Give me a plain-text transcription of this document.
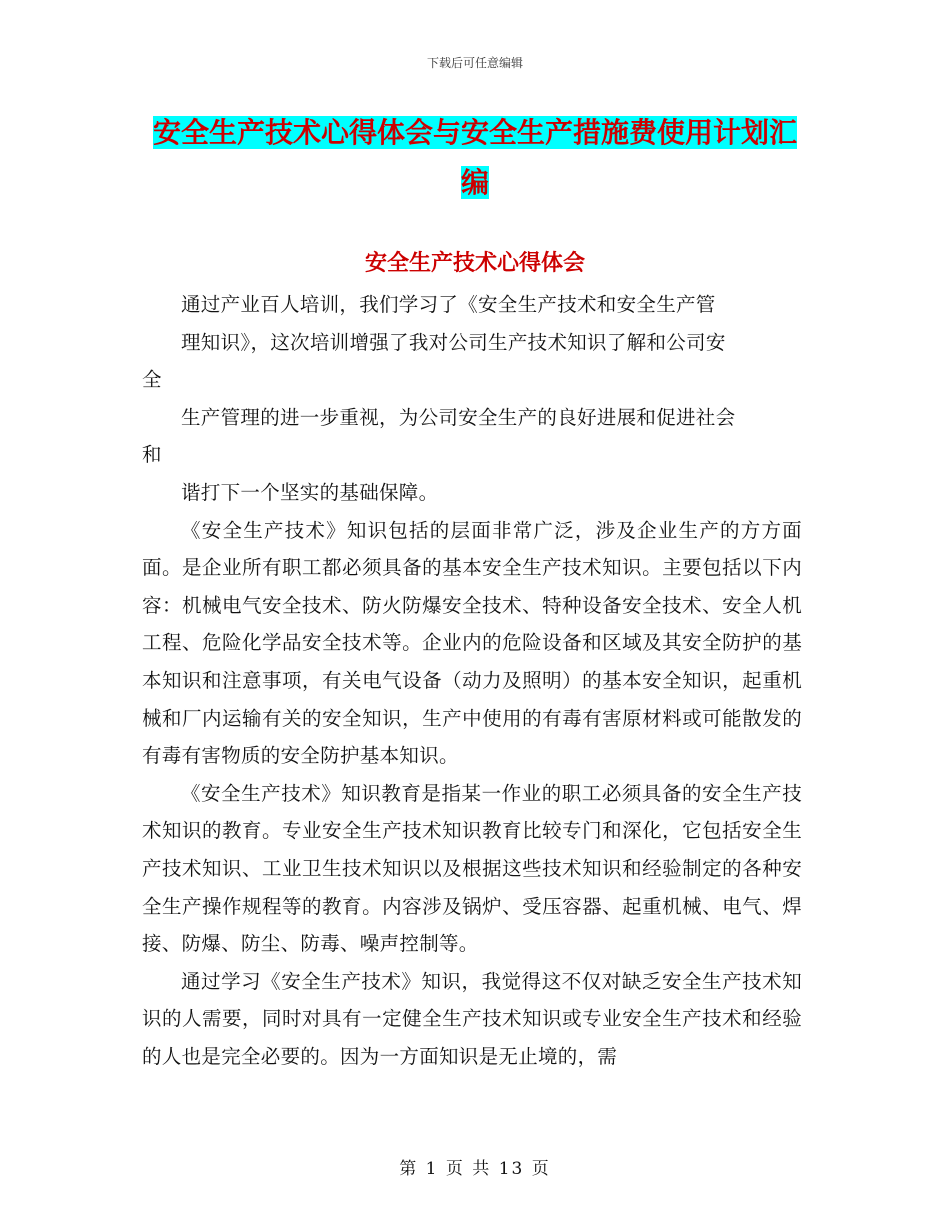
下载后可任意编辑
安全生产技术心得体会与安全生产措施费使用计划汇
编
安全生产技术心得体会

通过产业百人培训，我们学习了《安全生产技术和安全生产管

理知识》，这次培训增强了我对公司生产技术知识了解和公司安

全

生产管理的进一步重视，为公司安全生产的良好进展和促进社会

和

谐打下一个坚实的基础保障。

《安全生产技术》知识包括的层面非常广泛，涉及企业生产的方方面面。是企业所有职工都必须具备的基本安全生产技术知识。主要包括以下内容：机械电气安全技术、防火防爆安全技术、特种设备安全技术、安全人机工程、危险化学品安全技术等。企业内的危险设备和区域及其安全防护的基本知识和注意事项，有关电气设备（动力及照明）的基本安全知识，起重机械和厂内运输有关的安全知识，生产中使用的有毒有害原材料或可能散发的有毒有害物质的安全防护基本知识。

《安全生产技术》知识教育是指某一作业的职工必须具备的安全生产技术知识的教育。专业安全生产技术知识教育比较专门和深化，它包括安全生产技术知识、工业卫生技术知识以及根据这些技术知识和经验制定的各种安全生产操作规程等的教育。内容涉及锅炉、受压容器、起重机械、电气、焊接、防爆、防尘、防毒、噪声控制等。

通过学习《安全生产技术》知识，我觉得这不仅对缺乏安全生产技术知识的人需要，同时对具有一定健全生产技术知识或专业安全生产技术和经验的人也是完全必要的。因为一方面知识是无止境的，需

第 1 页 共 13 页
